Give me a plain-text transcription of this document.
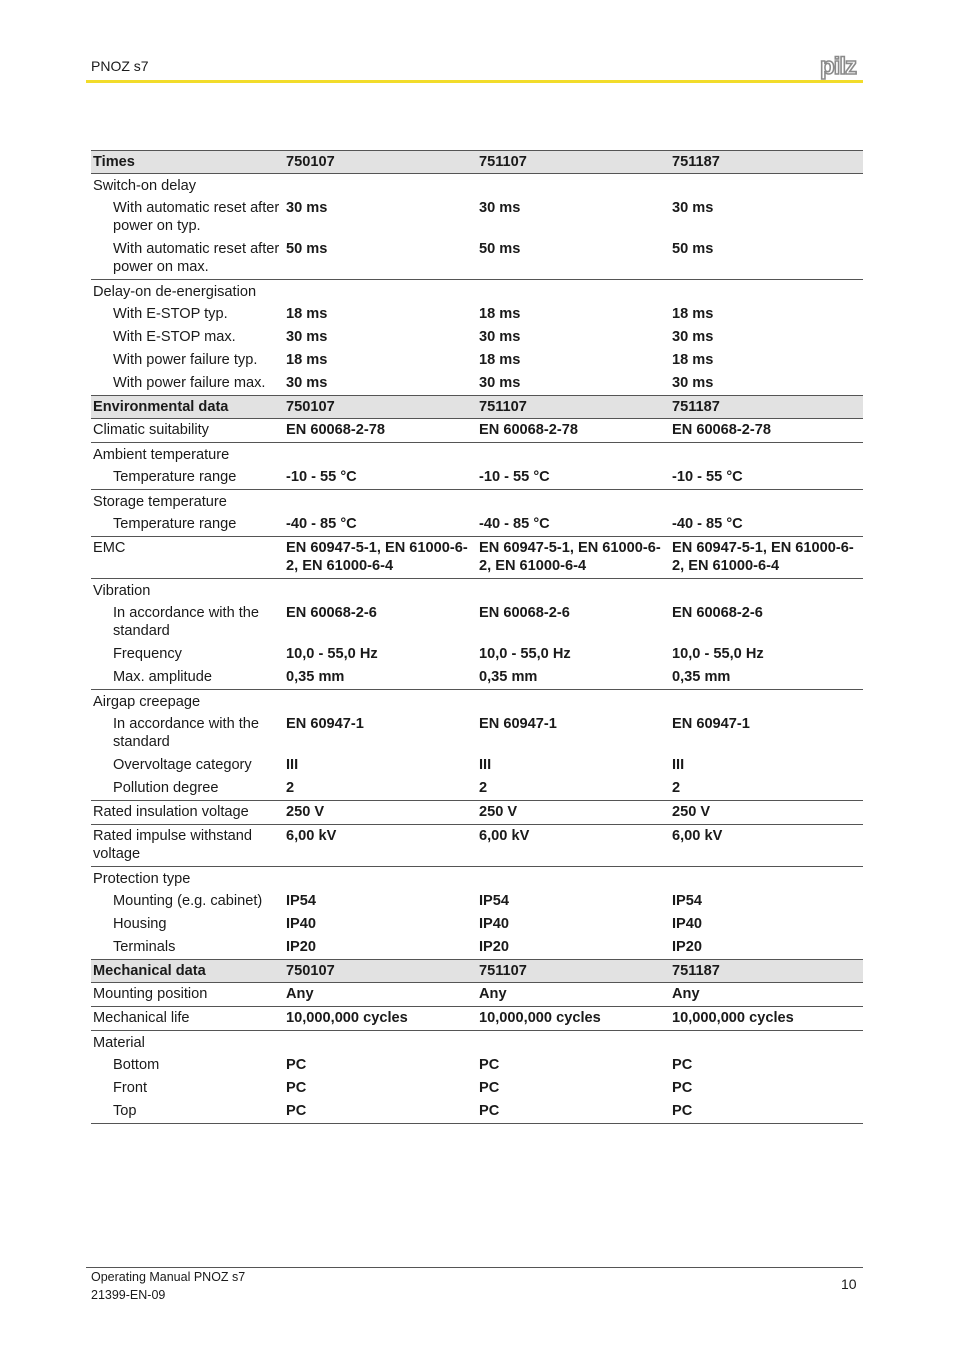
PNOZ s7	pilz
Times	750107	751107	751187
Switch-on delay			
With automatic reset after power on typ.	30 ms	30 ms	30 ms
With automatic reset after power on max.	50 ms	50 ms	50 ms
Delay-on de-energisation			
With E-STOP typ.	18 ms	18 ms	18 ms
With E-STOP max.	30 ms	30 ms	30 ms
With power failure typ.	18 ms	18 ms	18 ms
With power failure max.	30 ms	30 ms	30 ms
Environmental data	750107	751107	751187
Climatic suitability	EN 60068-2-78	EN 60068-2-78	EN 60068-2-78
Ambient temperature			
Temperature range	-10 - 55 °C	-10 - 55 °C	-10 - 55 °C
Storage temperature			
Temperature range	-40 - 85 °C	-40 - 85 °C	-40 - 85 °C
EMC	EN 60947-5-1, EN 61000-6-2, EN 61000-6-4	EN 60947-5-1, EN 61000-6-2, EN 61000-6-4	EN 60947-5-1, EN 61000-6-2, EN 61000-6-4
Vibration			
In accordance with the standard	EN 60068-2-6	EN 60068-2-6	EN 60068-2-6
Frequency	10,0 - 55,0 Hz	10,0 - 55,0 Hz	10,0 - 55,0 Hz
Max. amplitude	0,35 mm	0,35 mm	0,35 mm
Airgap creepage			
In accordance with the standard	EN 60947-1	EN 60947-1	EN 60947-1
Overvoltage category	III	III	III
Pollution degree	2	2	2
Rated insulation voltage	250 V	250 V	250 V
Rated impulse withstand voltage	6,00 kV	6,00 kV	6,00 kV
Protection type			
Mounting (e.g. cabinet)	IP54	IP54	IP54
Housing	IP40	IP40	IP40
Terminals	IP20	IP20	IP20
Mechanical data	750107	751107	751187
Mounting position	Any	Any	Any
Mechanical life	10,000,000 cycles	10,000,000 cycles	10,000,000 cycles
Material			
Bottom	PC	PC	PC
Front	PC	PC	PC
Top	PC	PC	PC
Operating Manual PNOZ s7
21399-EN-09
10
